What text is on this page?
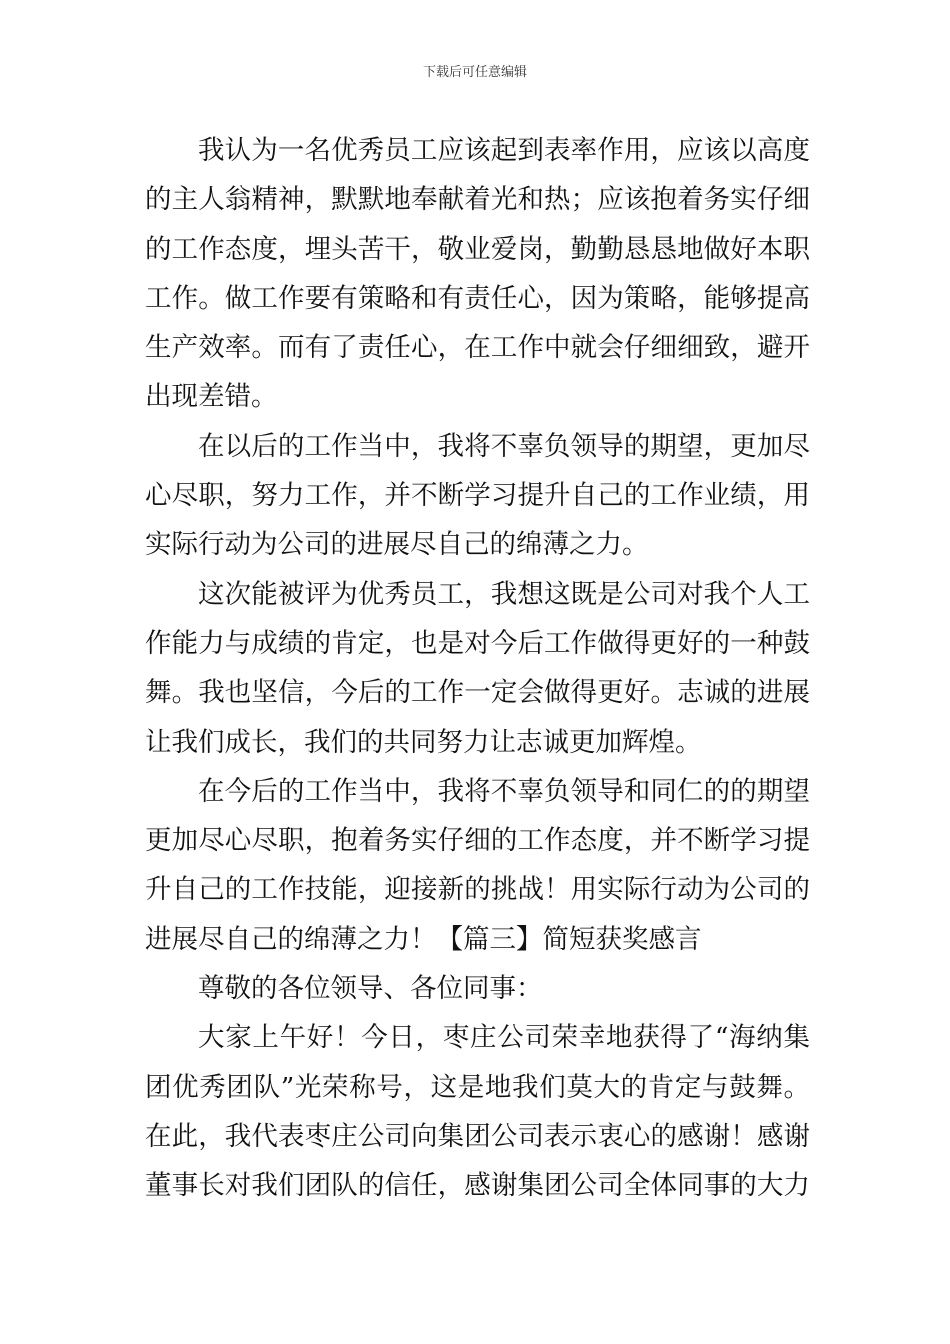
下载后可任意编辑
我认为一名优秀员工应该起到表率作用，应该以高度
的主人翁精神，默默地奉献着光和热；应该抱着务实仔细
的工作态度，埋头苦干，敬业爱岗，勤勤恳恳地做好本职
工作。做工作要有策略和有责任心，因为策略，能够提高
生产效率。而有了责任心，在工作中就会仔细细致，避开
出现差错。
在以后的工作当中，我将不辜负领导的期望，更加尽
心尽职，努力工作，并不断学习提升自己的工作业绩，用
实际行动为公司的进展尽自己的绵薄之力。
这次能被评为优秀员工，我想这既是公司对我个人工
作能力与成绩的肯定，也是对今后工作做得更好的一种鼓
舞。我也坚信，今后的工作一定会做得更好。志诚的进展
让我们成长，我们的共同努力让志诚更加辉煌。
在今后的工作当中，我将不辜负领导和同仁的的期望
更加尽心尽职，抱着务实仔细的工作态度，并不断学习提
升自己的工作技能，迎接新的挑战！用实际行动为公司的
进展尽自己的绵薄之力！【篇三】简短获奖感言
尊敬的各位领导、各位同事：
大家上午好！今日，枣庄公司荣幸地获得了“海纳集
团优秀团队”光荣称号，这是地我们莫大的肯定与鼓舞。
在此，我代表枣庄公司向集团公司表示衷心的感谢！感谢
董事长对我们团队的信任，感谢集团公司全体同事的大力
